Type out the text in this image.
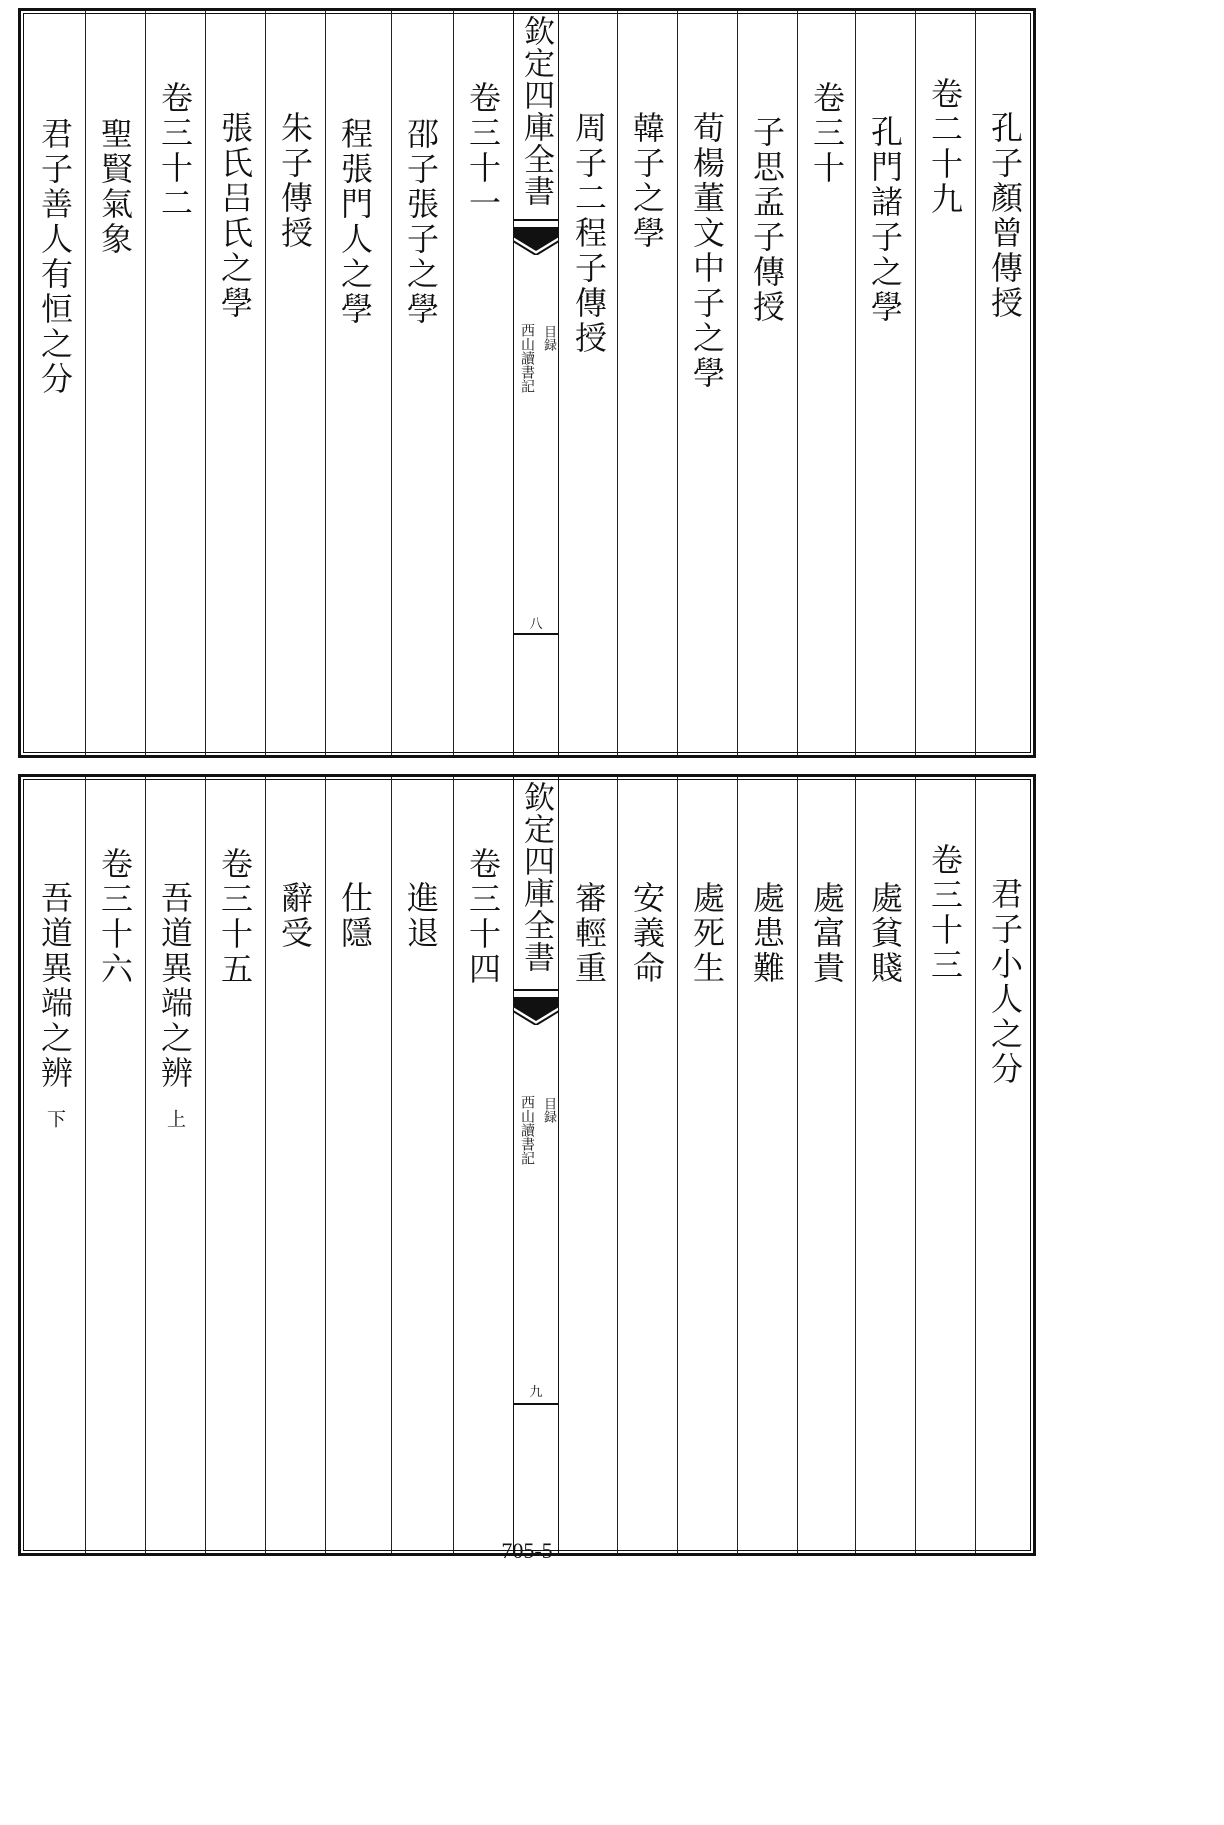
孔子顏曾傳授
卷二十九
孔門諸子之學
卷三十
子思孟子傳授
荀楊董文中子之學
韓子之學
周子二程子傳授
欽定四庫全書
西山讀書記 目録
八
卷三十一
邵子張子之學
程張門人之學
朱子傳授
張氏吕氏之學
卷三十二
聖賢氣象
君子善人有恒之分
君子小人之分
卷三十三
處貧賤
處富貴
處患難
處死生
安義命
審輕重
欽定四庫全書
西山讀書記 目録
九
卷三十四
進退
仕隱
辭受
卷三十五
吾道異端之辨
上
卷三十六
吾道異端之辨
下
705-5
